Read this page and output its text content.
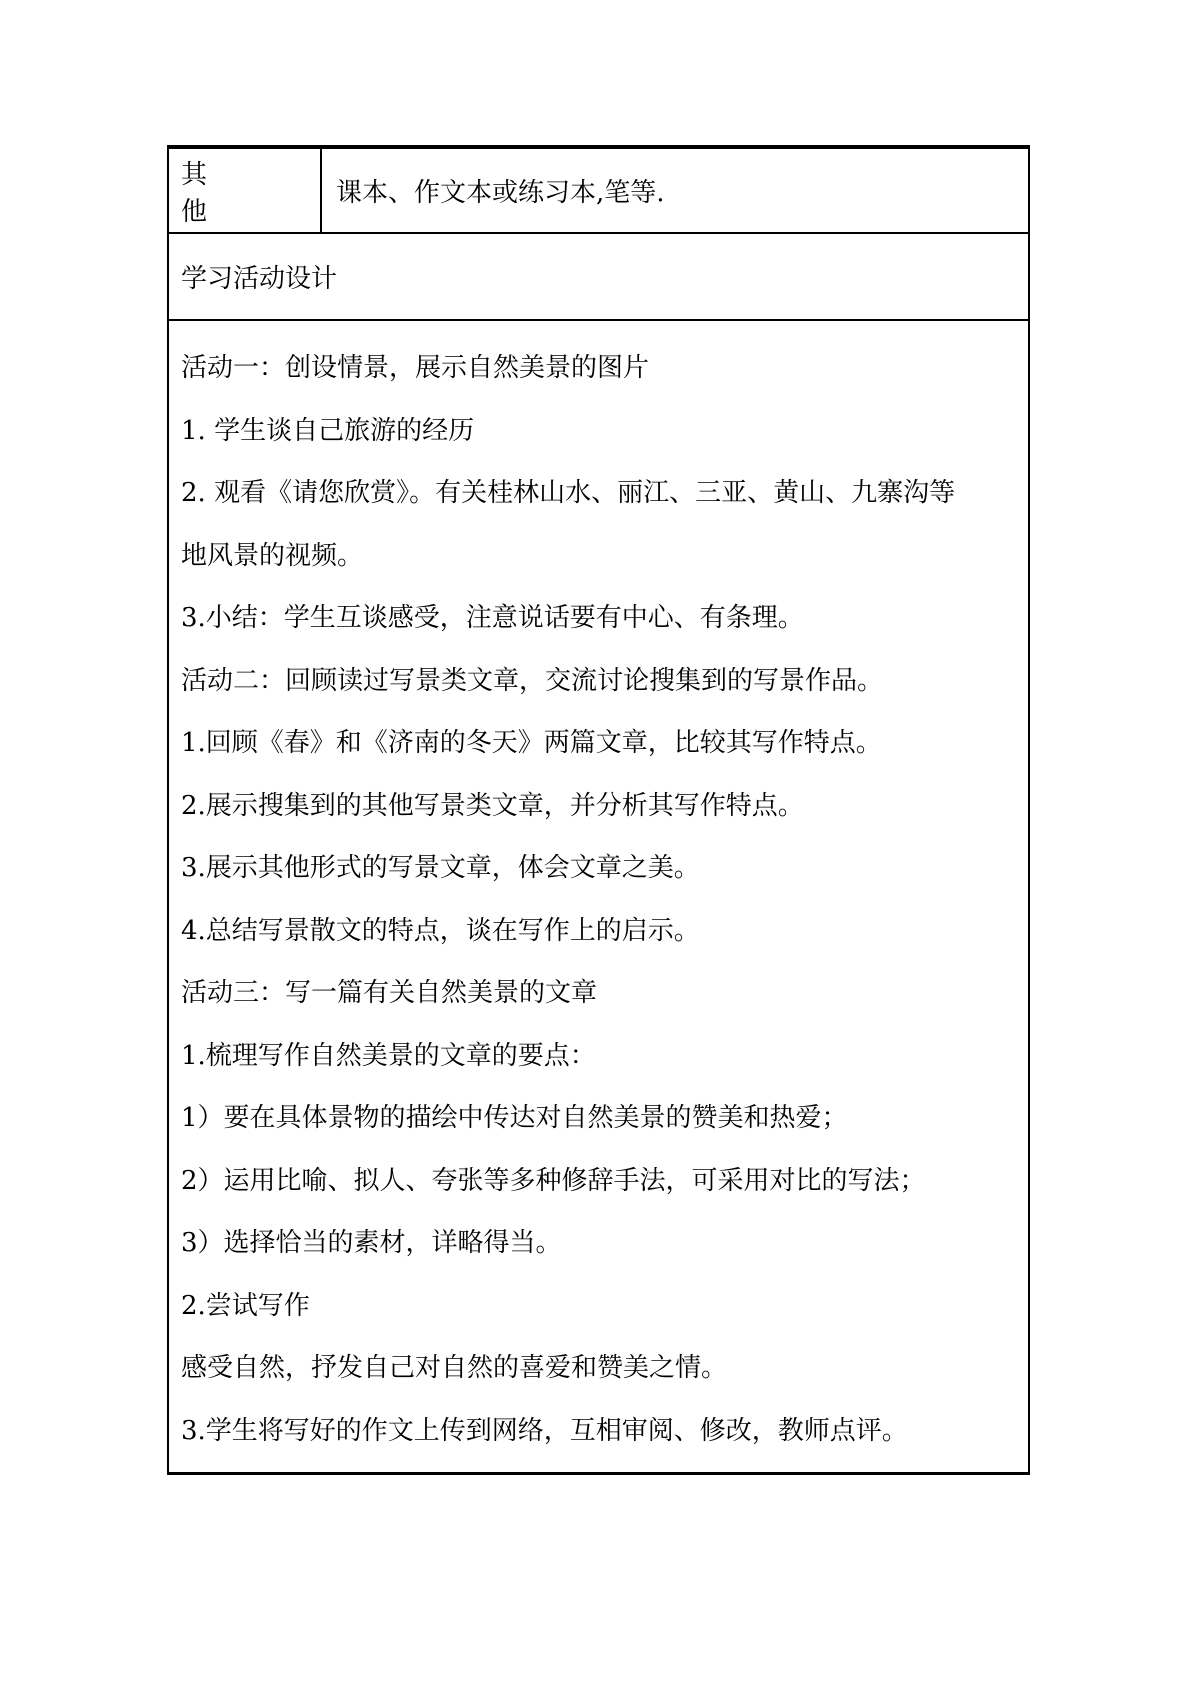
其　他
课本、作文本或练习本,笔等.
学习活动设计
活动一：创设情景，展示自然美景的图片
1. 学生谈自己旅游的经历
2. 观看《请您欣赏》。有关桂林山水、丽江、三亚、黄山、九寨沟等
地风景的视频。
3.小结：学生互谈感受，注意说话要有中心、有条理。
活动二：回顾读过写景类文章，交流讨论搜集到的写景作品。
1.回顾《春》和《济南的冬天》两篇文章，比较其写作特点。
2.展示搜集到的其他写景类文章，并分析其写作特点。
3.展示其他形式的写景文章，体会文章之美。
4.总结写景散文的特点，谈在写作上的启示。
活动三：写一篇有关自然美景的文章
1.梳理写作自然美景的文章的要点：
1）要在具体景物的描绘中传达对自然美景的赞美和热爱；
2）运用比喻、拟人、夸张等多种修辞手法，可采用对比的写法；
3）选择恰当的素材，详略得当。
2.尝试写作
感受自然，抒发自己对自然的喜爱和赞美之情。
3.学生将写好的作文上传到网络，互相审阅、修改，教师点评。
